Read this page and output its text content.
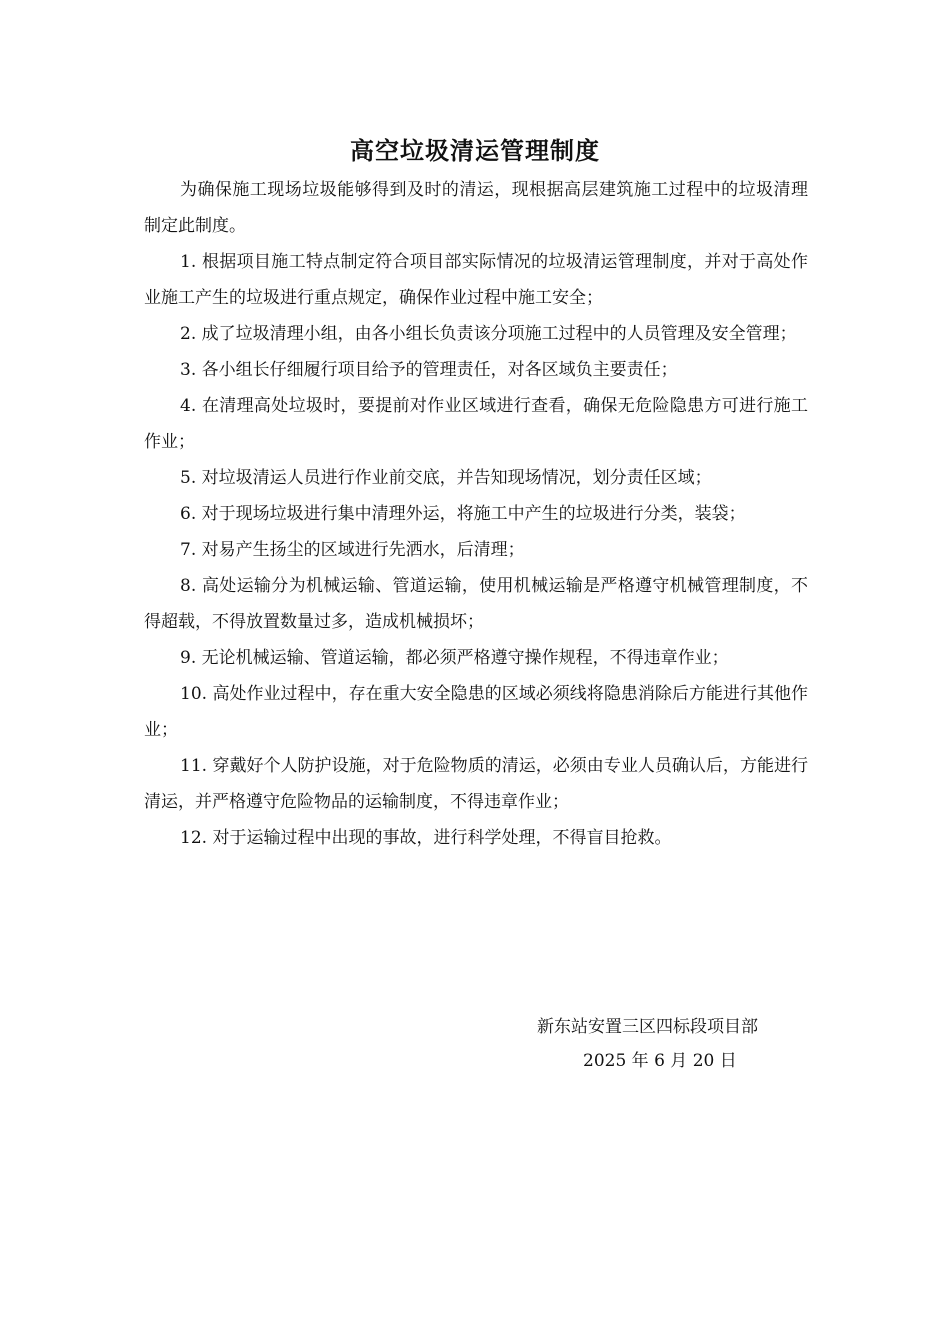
高空垃圾清运管理制度

为确保施工现场垃圾能够得到及时的清运，现根据高层建筑施工过程中的垃圾清理制定此制度。

1. 根据项目施工特点制定符合项目部实际情况的垃圾清运管理制度，并对于高处作业施工产生的垃圾进行重点规定，确保作业过程中施工安全；

2. 成了垃圾清理小组，由各小组长负责该分项施工过程中的人员管理及安全管理；

3. 各小组长仔细履行项目给予的管理责任，对各区域负主要责任；

4. 在清理高处垃圾时，要提前对作业区域进行查看，确保无危险隐患方可进行施工作业；

5. 对垃圾清运人员进行作业前交底，并告知现场情况，划分责任区域；

6. 对于现场垃圾进行集中清理外运，将施工中产生的垃圾进行分类，装袋；

7. 对易产生扬尘的区域进行先洒水，后清理；

8. 高处运输分为机械运输、管道运输，使用机械运输是严格遵守机械管理制度，不得超载，不得放置数量过多，造成机械损坏；

9. 无论机械运输、管道运输，都必须严格遵守操作规程，不得违章作业；

10. 高处作业过程中，存在重大安全隐患的区域必须线将隐患消除后方能进行其他作业；

11. 穿戴好个人防护设施，对于危险物质的清运，必须由专业人员确认后，方能进行清运，并严格遵守危险物品的运输制度，不得违章作业；

12. 对于运输过程中出现的事故，进行科学处理，不得盲目抢救。

新东站安置三区四标段项目部
2025 年 6 月 20 日
